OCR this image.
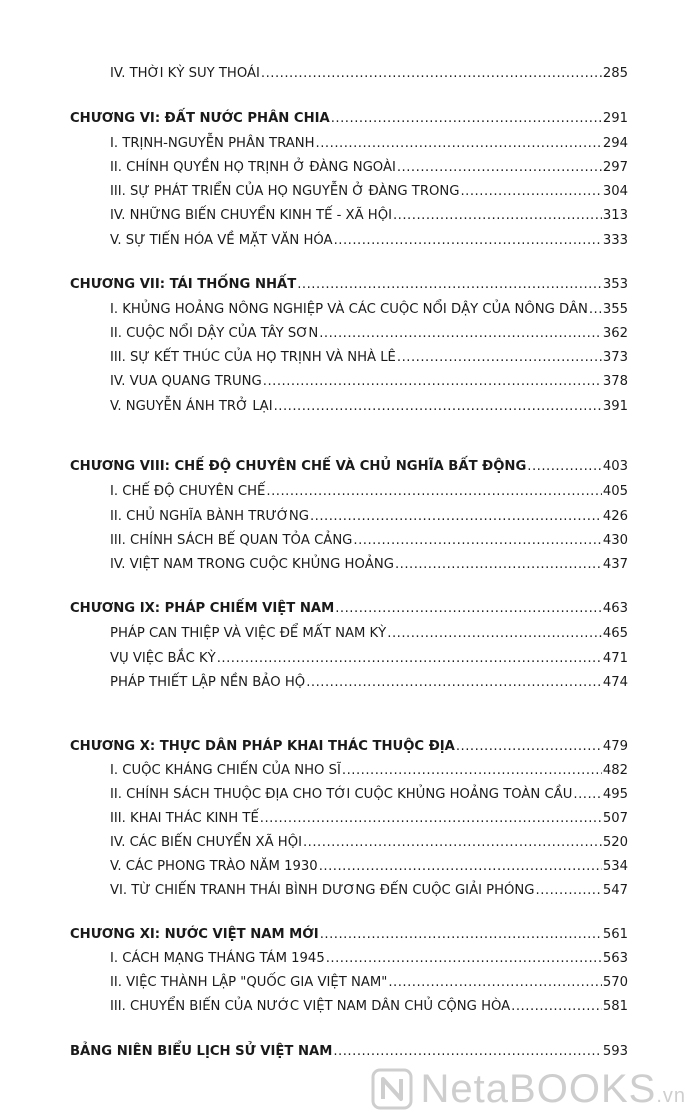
IV. THỜI KỲ SUY THOÁI .....	285
CHƯƠNG VI: ĐẤT NƯỚC PHÂN CHIA .....	291
I. TRỊNH-NGUYỄN PHÂN TRANH .....	294
II. CHÍNH QUYỀN HỌ TRỊNH Ở ĐÀNG NGOÀI .....	297
III. SỰ PHÁT TRIỂN CỦA HỌ NGUYỄN Ở ĐÀNG TRONG .....	304
IV. NHỮNG BIẾN CHUYỂN KINH TẾ - XÃ HỘI .....	313
V. SỰ TIẾN HÓA VỀ MẶT VĂN HÓA .....	333
CHƯƠNG VII: TÁI THỐNG NHẤT .....	353
I. KHỦNG HOẢNG NÔNG NGHIỆP VÀ CÁC CUỘC NỔI DẬY CỦA NÔNG DÂN ..... 355
II. CUỘC NỔI DẬY CỦA TÂY SƠN .....	362
III. SỰ KẾT THÚC CỦA HỌ TRỊNH VÀ NHÀ LÊ .....	373
IV. VUA QUANG TRUNG .....	378
V. NGUYỄN ÁNH TRỞ LẠI .....	391
CHƯƠNG VIII: CHẾ ĐỘ CHUYÊN CHẾ VÀ CHỦ NGHĨA BẤT ĐỘNG .....	403
I. CHẾ ĐỘ CHUYÊN CHẾ .....	405
II. CHỦ NGHĨA BÀNH TRƯỚNG .....	426
III. CHÍNH SÁCH BẾ QUAN TỎA CẢNG .....	430
IV. VIỆT NAM TRONG CUỘC KHỦNG HOẢNG .....	437
CHƯƠNG IX: PHÁP CHIẾM VIỆT NAM .....	463
PHÁP CAN THIỆP VÀ VIỆC ĐỂ MẤT NAM KỲ .....	465
VỤ VIỆC BẮC KỲ .....	471
PHÁP THIẾT LẬP NỀN BẢO HỘ .....	474
CHƯƠNG X: THỰC DÂN PHÁP KHAI THÁC THUỘC ĐỊA .....	479
I. CUỘC KHÁNG CHIẾN CỦA NHO SĨ .....	482
II. CHÍNH SÁCH THUỘC ĐỊA CHO TỚI CUỘC KHỦNG HOẢNG TOÀN CẦU ..... 495
III. KHAI THÁC KINH TẾ .....	507
IV. CÁC BIẾN CHUYỂN XÃ HỘI .....	520
V. CÁC PHONG TRÀO NĂM 1930 .....	534
VI. TỪ CHIẾN TRANH THÁI BÌNH DƯƠNG ĐẾN CUỘC GIẢI PHÓNG .....	547
CHƯƠNG XI: NƯỚC VIỆT NAM MỚI .....	561
I. CÁCH MẠNG THÁNG TÁM 1945 .....	563
II. VIỆC THÀNH LẬP "QUỐC GIA VIỆT NAM" .....	570
III. CHUYỂN BIẾN CỦA NƯỚC VIỆT NAM DÂN CHỦ CỘNG HÒA .....	581
BẢNG NIÊN BIỂU LỊCH SỬ VIỆT NAM .....	593
NetaBOOKS.vn
